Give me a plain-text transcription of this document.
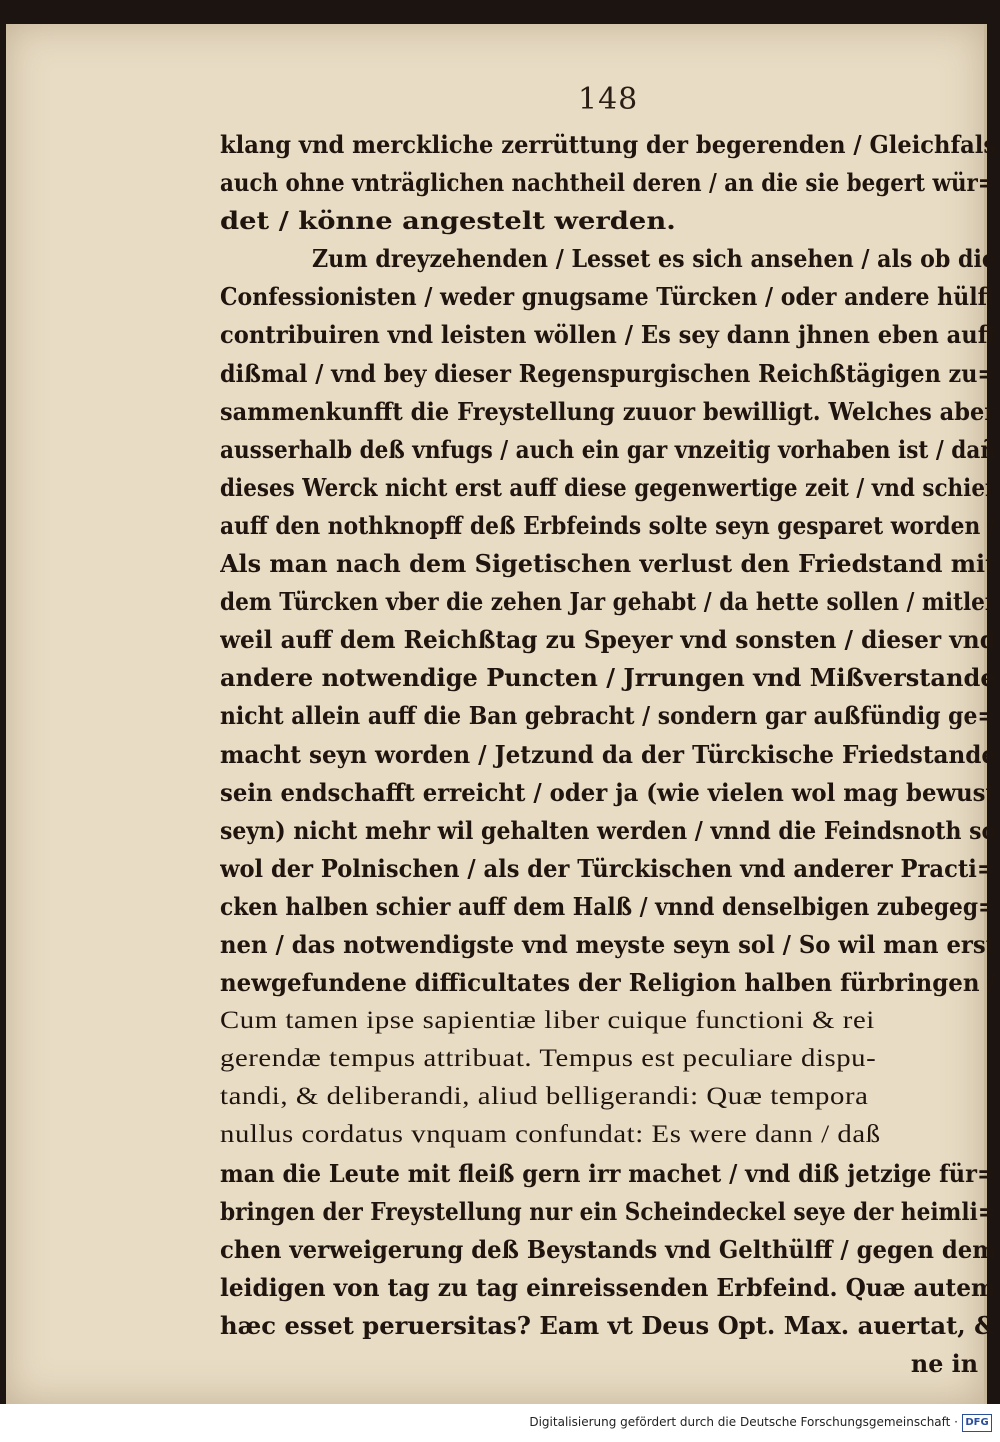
148
klang vnd merckliche zerrüttung der begerenden / Gleichfals
auch ohne vnträglichen nachtheil deren / an die sie begert wür=
det / könne angestelt werden.
Zum dreyzehenden / Lesset es sich ansehen / als ob die
Confessionisten / weder gnugsame Türcken / oder andere hülff
contribuiren vnd leisten wöllen / Es sey dann jhnen eben auff
dißmal / vnd bey dieser Regenspurgischen Reichßtägigen zu=
sammenkunfft die Freystellung zuuor bewilligt. Welches aber
ausserhalb deß vnfugs / auch ein gar vnzeitig vorhaben ist / dañ
dieses Werck nicht erst auff diese gegenwertige zeit / vnd schier
auff den nothknopff deß Erbfeinds solte seyn gesparet worden /
Als man nach dem Sigetischen verlust den Friedstand mit
dem Türcken vber die zehen Jar gehabt / da hette sollen / mitler
weil auff dem Reichßtag zu Speyer vnd sonsten / dieser vnd
andere notwendige Puncten / Jrrungen vnd Mißverstande
nicht allein auff die Ban gebracht / sondern gar außfündig ge=
macht seyn worden / Jetzund da der Türckische Friedstande
sein endschafft erreicht / oder ja (wie vielen wol mag bewust
seyn) nicht mehr wil gehalten werden / vnnd die Feindsnoth so
wol der Polnischen / als der Türckischen vnd anderer Practi=
cken halben schier auff dem Halß / vnnd denselbigen zubegeg=
nen / das notwendigste vnd meyste seyn sol / So wil man erst
newgefundene difficultates der Religion halben fürbringen /
Cum tamen ipse sapientiæ liber cuique functioni & rei
gerendæ tempus attribuat. Tempus est peculiare dispu-
tandi, & deliberandi, aliud belligerandi: Quæ tempora
nullus cordatus vnquam confundat: Es were dann / daß
man die Leute mit fleiß gern irr machet / vnd diß jetzige für=
bringen der Freystellung nur ein Scheindeckel seye der heimli=
chen verweigerung deß Beystands vnd Gelthülff / gegen dem
leidigen von tag zu tag einreissenden Erbfeind. Quæ autem
hæc esset peruersitas? Eam vt Deus Opt. Max. auertat, &
ne in
Digitalisierung gefördert durch die Deutsche Forschungsgemeinschaft · DFG
